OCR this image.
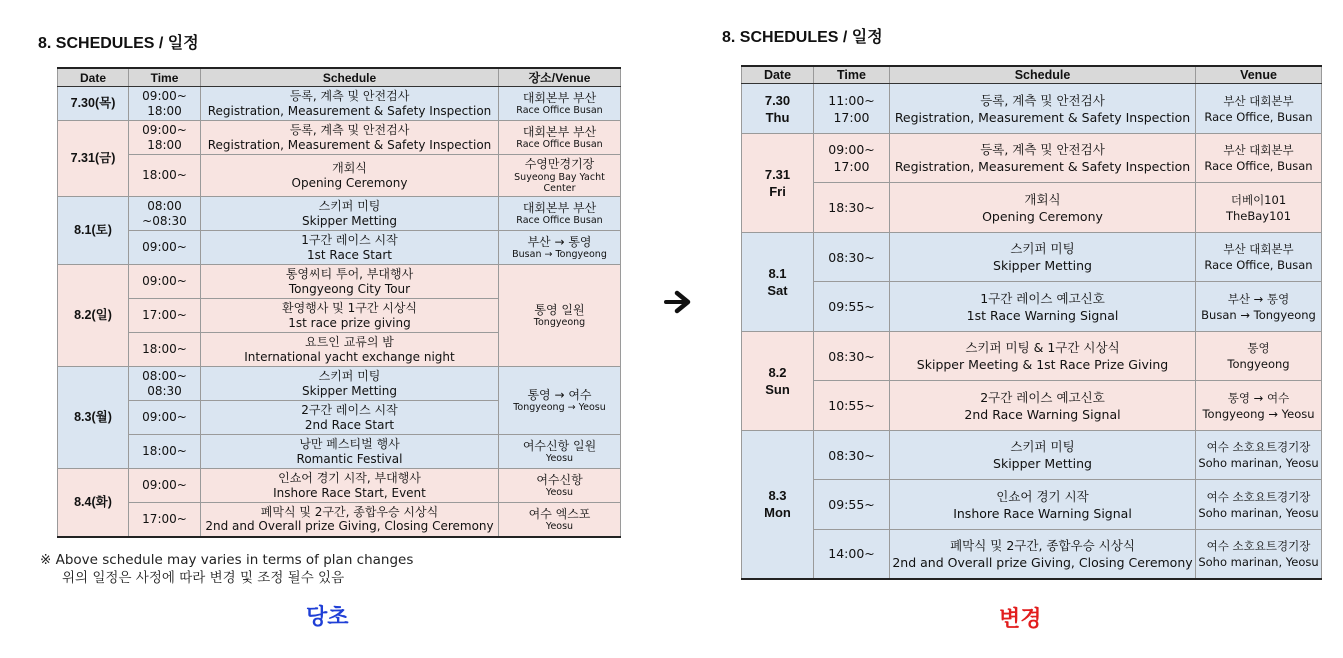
8. SCHEDULES / 일정
Date	Time	Schedule	장소/Venue
7.30(목)	09:00~
18:00	등록, 계측 및 안전검사
Registration, Measurement & Safety Inspection	대회본부 부산
Race Office Busan

7.31(금)	09:00~
18:00	등록, 계측 및 안전검사
Registration, Measurement & Safety Inspection	대회본부 부산
Race Office Busan

	18:00~	개회식
Opening Ceremony	수영만경기장
Suyeong Bay Yacht
Center

8.1(토)	08:00
~08:30	스키퍼 미팅
Skipper Metting	대회본부 부산
Race Office Busan

	09:00~	1구간 레이스 시작
1st Race Start	부산 → 통영
Busan → Tongyeong

8.2(일)	09:00~	통영씨티 투어, 부대행사
Tongyeong City Tour	통영 일원
Tongyeong

	17:00~	환영행사 및 1구간 시상식
1st race prize giving	

	18:00~	요트인 교류의 밤
International yacht exchange night	

8.3(월)	08:00~
08:30	스키퍼 미팅
Skipper Metting	통영 → 여수
Tongyeong → Yeosu

	09:00~	2구간 레이스 시작
2nd Race Start	

	18:00~	낭만 페스티벌 행사
Romantic Festival	여수신항 일원
Yeosu

8.4(화)	09:00~	인쇼어 경기 시작, 부대행사
Inshore Race Start, Event	여수신항
Yeosu

	17:00~	폐막식 및 2구간, 종합우승 시상식
2nd and Overall prize Giving, Closing Ceremony	여수 엑스포
Yeosu
※ Above schedule may varies in terms of plan changes
위의 일정은 사정에 따라 변경 및 조정 될수 있음
당초
8. SCHEDULES / 일정
Date	Time	Schedule	Venue

7.30
Thu	11:00~
17:00	등록, 계측 및 안전검사
Registration, Measurement & Safety Inspection	부산 대회본부
Race Office, Busan

7.31
Fri	09:00~
17:00	등록, 계측 및 안전검사
Registration, Measurement & Safety Inspection	부산 대회본부
Race Office, Busan

	18:30~	개회식
Opening Ceremony	더베이101
TheBay101

8.1
Sat	08:30~	스키퍼 미팅
Skipper Metting	부산 대회본부
Race Office, Busan

	09:55~	1구간 레이스 예고신호
1st Race Warning Signal	부산 → 통영
Busan → Tongyeong

8.2
Sun	08:30~	스키퍼 미팅 & 1구간 시상식
Skipper Meeting & 1st Race Prize Giving	통영
Tongyeong

	10:55~	2구간 레이스 예고신호
2nd Race Warning Signal	통영 → 여수
Tongyeong → Yeosu

8.3
Mon	08:30~	스키퍼 미팅
Skipper Metting	여수 소호요트경기장
Soho marinan, Yeosu

	09:55~	인쇼어 경기 시작
Inshore Race Warning Signal	여수 소호요트경기장
Soho marinan, Yeosu

	14:00~	폐막식 및 2구간, 종합우승 시상식
2nd and Overall prize Giving, Closing Ceremony	여수 소호요트경기장
Soho marinan, Yeosu
변경
